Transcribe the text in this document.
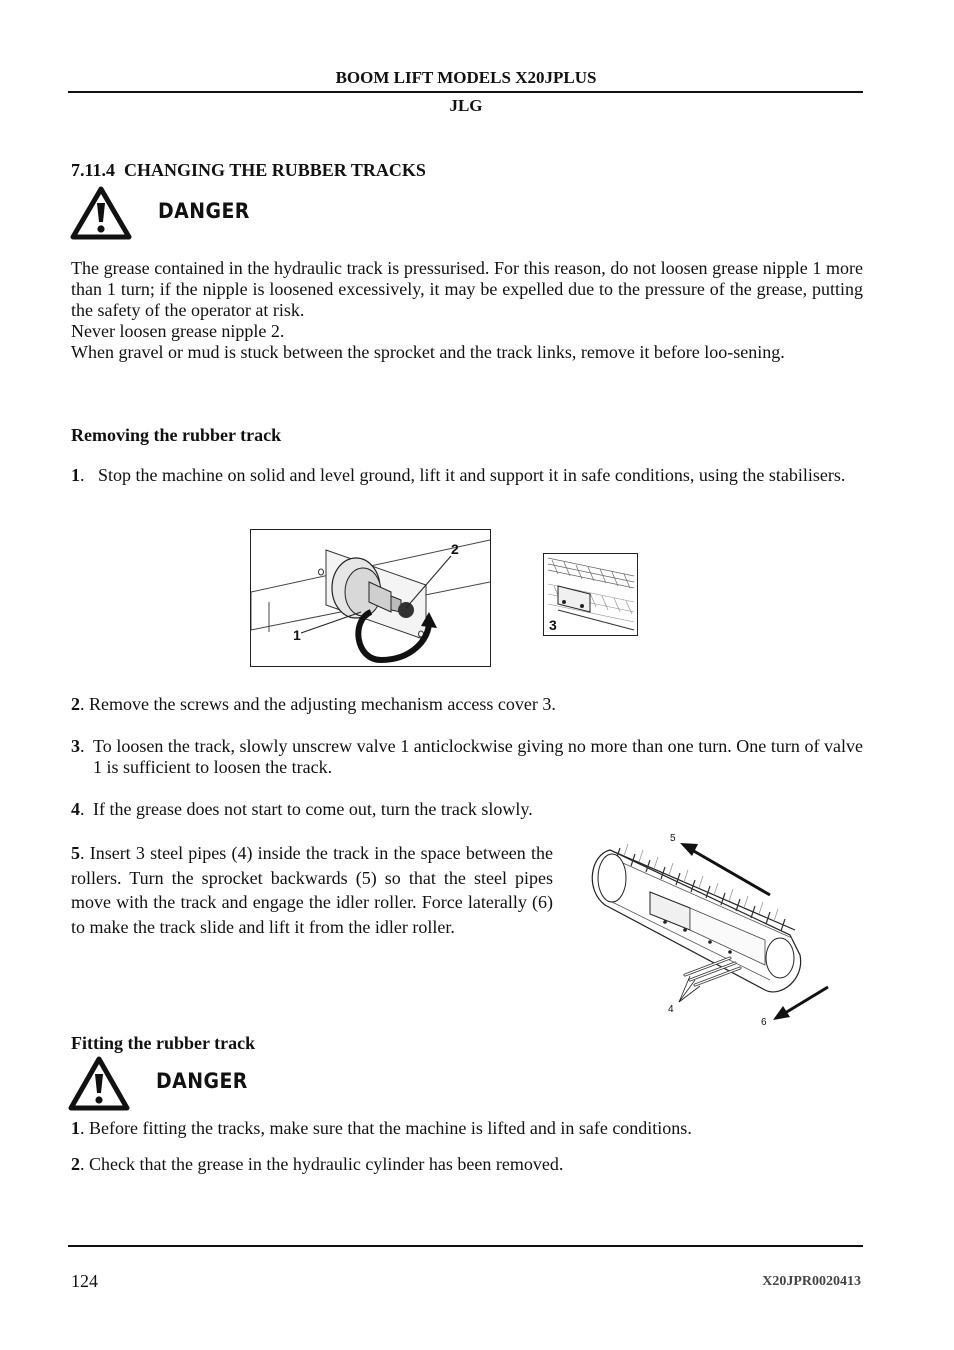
BOOM LIFT MODELS X20JPLUS
JLG
7.11.4 CHANGING THE RUBBER TRACKS
DANGER
The grease contained in the hydraulic track is pressurised. For this reason, do not loosen grease nipple 1 more than 1 turn; if the nipple is loosened excessively, it may be expelled due to the pressure of the grease, putting the safety of the operator at risk.
Never loosen grease nipple 2.
When gravel or mud is stuck between the sprocket and the track links, remove it before loo-sening.
Removing the rubber track
1. Stop the machine on solid and level ground, lift it and support it in safe conditions, using the stabilisers.
2
1
3
2. Remove the screws and the adjusting mechanism access cover 3.
3. To loosen the track, slowly unscrew valve 1 anticlockwise giving no more than one turn. One turn of valve 1 is sufficient to loosen the track.
4. If the grease does not start to come out, turn the track slowly.
5. Insert 3 steel pipes (4) inside the track in the space between the rollers. Turn the sprocket backwards (5) so that the steel pipes move with the track and engage the idler roller. Force laterally (6) to make the track slide and lift it from the idler roller.
5
4
6
Fitting the rubber track
DANGER
1. Before fitting the tracks, make sure that the machine is lifted and in safe conditions.
2. Check that the grease in the hydraulic cylinder has been removed.
124	X20JPR0020413
